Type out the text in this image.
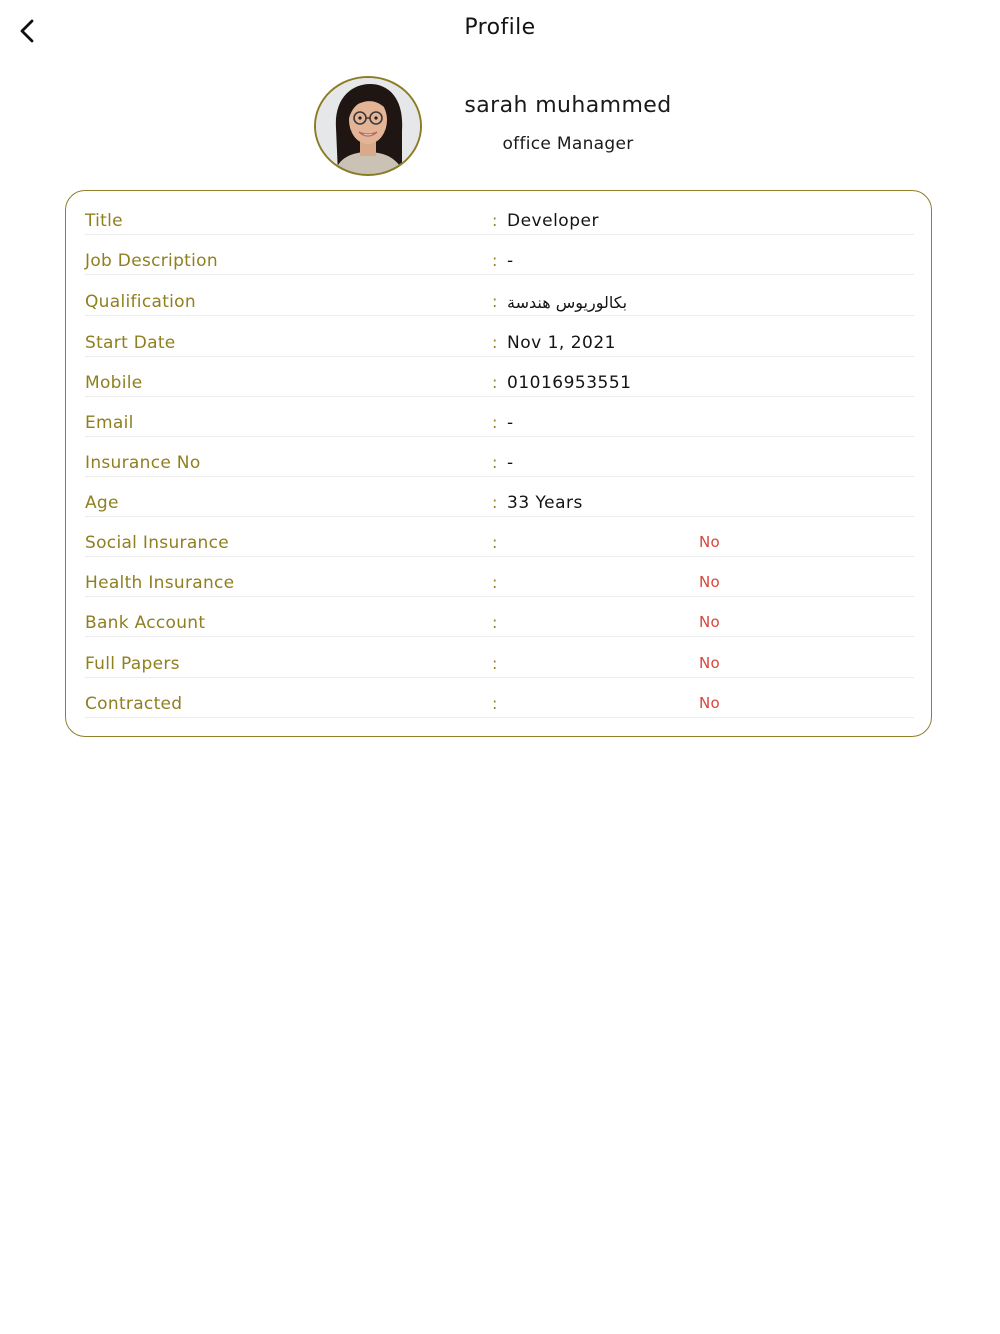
Profile
sarah muhammed
office Manager
Title	: Developer
Job Description	: -
Qualification	: بكالوريوس هندسة
Start Date	: Nov 1, 2021
Mobile	: 01016953551
Email	: -
Insurance No	: -
Age	: 33 Years
Social Insurance	:	No
Health Insurance	:	No
Bank Account	:	No
Full Papers	:	No
Contracted	:	No
